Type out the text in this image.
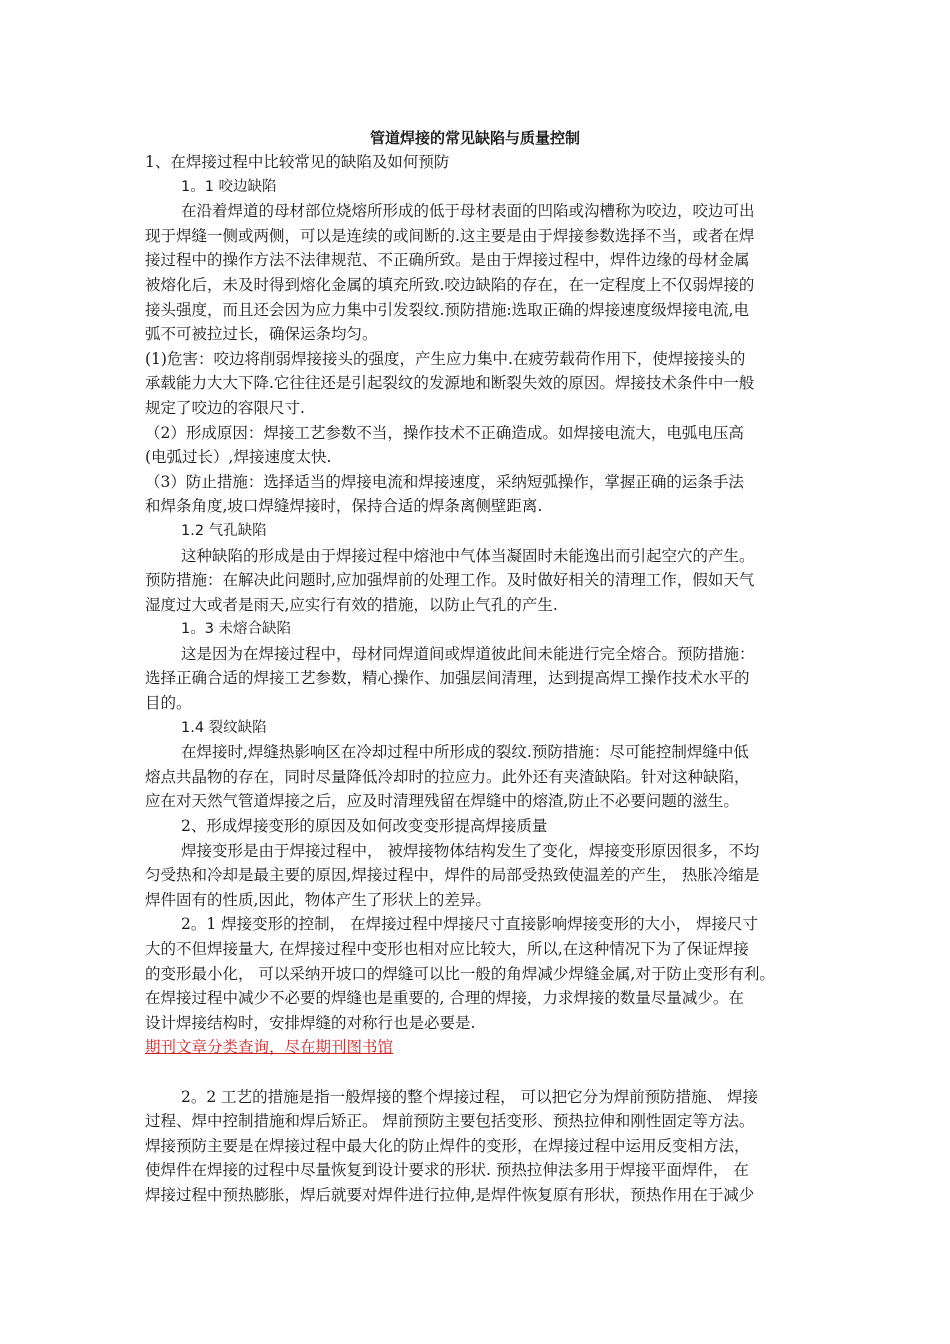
管道焊接的常见缺陷与质量控制
1、在焊接过程中比较常见的缺陷及如何预防
1。1 咬边缺陷
在沿着焊道的母材部位烧熔所形成的低于母材表面的凹陷或沟槽称为咬边，咬边可出
现于焊缝一侧或两侧，可以是连续的或间断的.这主要是由于焊接参数选择不当，或者在焊
接过程中的操作方法不法律规范、不正确所致。是由于焊接过程中，焊件边缘的母材金属
被熔化后，未及时得到熔化金属的填充所致.咬边缺陷的存在，在一定程度上不仅弱焊接的
接头强度，而且还会因为应力集中引发裂纹.预防措施:选取正确的焊接速度级焊接电流,电
弧不可被拉过长，确保运条均匀。
(1)危害：咬边将削弱焊接接头的强度，产生应力集中.在疲劳载荷作用下，使焊接接头的
承载能力大大下降.它往往还是引起裂纹的发源地和断裂失效的原因。焊接技术条件中一般
规定了咬边的容限尺寸.
（2）形成原因：焊接工艺参数不当，操作技术不正确造成。如焊接电流大，电弧电压高
(电弧过长）,焊接速度太快.
（3）防止措施：选择适当的焊接电流和焊接速度，采纳短弧操作，掌握正确的运条手法
和焊条角度,坡口焊缝焊接时，保持合适的焊条离侧壁距离.
1.2 气孔缺陷
这种缺陷的形成是由于焊接过程中熔池中气体当凝固时未能逸出而引起空穴的产生。
预防措施：在解决此问题时,应加强焊前的处理工作。及时做好相关的清理工作，假如天气
湿度过大或者是雨天,应实行有效的措施，以防止气孔的产生.
1。3 未熔合缺陷
这是因为在焊接过程中，母材同焊道间或焊道彼此间未能进行完全熔合。预防措施：
选择正确合适的焊接工艺参数，精心操作、加强层间清理，达到提高焊工操作技术水平的
目的。
1.4 裂纹缺陷
在焊接时,焊缝热影响区在冷却过程中所形成的裂纹.预防措施：尽可能控制焊缝中低
熔点共晶物的存在，同时尽量降低冷却时的拉应力。此外还有夹渣缺陷。针对这种缺陷，
应在对天然气管道焊接之后，应及时清理残留在焊缝中的熔渣,防止不必要问题的滋生。
2、形成焊接变形的原因及如何改变变形提高焊接质量
焊接变形是由于焊接过程中， 被焊接物体结构发生了变化，焊接变形原因很多，不均
匀受热和冷却是最主要的原因,焊接过程中，焊件的局部受热致使温差的产生， 热胀冷缩是
焊件固有的性质,因此，物体产生了形状上的差异。
2。1 焊接变形的控制， 在焊接过程中焊接尺寸直接影响焊接变形的大小， 焊接尺寸
大的不但焊接量大, 在焊接过程中变形也相对应比较大，所以,在这种情况下为了保证焊接
的变形最小化， 可以采纳开坡口的焊缝可以比一般的角焊减少焊缝金属,对于防止变形有利。
在焊接过程中减少不必要的焊缝也是重要的, 合理的焊接，力求焊接的数量尽量减少。在
设计焊接结构时，安排焊缝的对称行也是必要是.
期刊文章分类查询，尽在期刊图书馆
2。2 工艺的措施是指一般焊接的整个焊接过程， 可以把它分为焊前预防措施、 焊接
过程、焊中控制措施和焊后矫正。 焊前预防主要包括变形、预热拉伸和刚性固定等方法。
焊接预防主要是在焊接过程中最大化的防止焊件的变形，在焊接过程中运用反变相方法，
使焊件在焊接的过程中尽量恢复到设计要求的形状. 预热拉伸法多用于焊接平面焊件， 在
焊接过程中预热膨胀，焊后就要对焊件进行拉伸,是焊件恢复原有形状，预热作用在于减少
